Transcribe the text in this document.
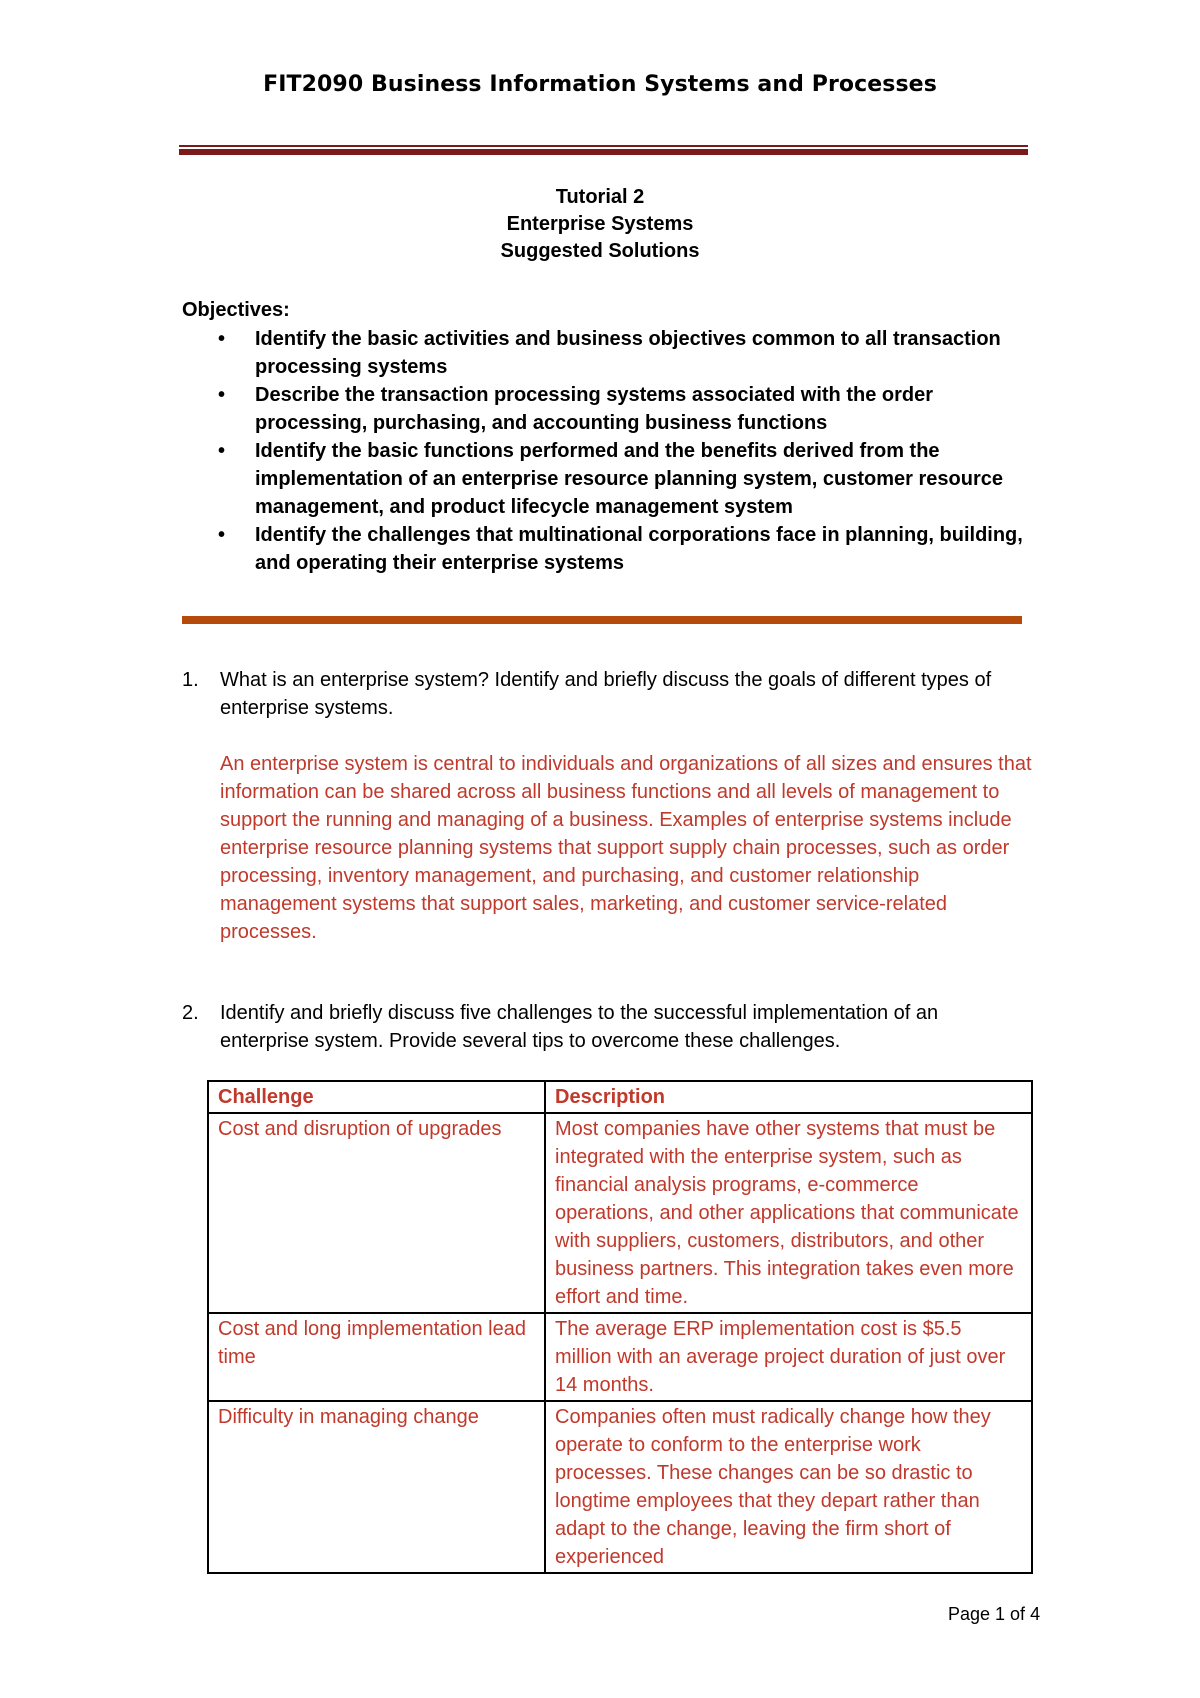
FIT2090 Business Information Systems and Processes
Tutorial 2
Enterprise Systems
Suggested Solutions
Objectives:
• Identify the basic activities and business objectives common to all transaction processing systems
• Describe the transaction processing systems associated with the order processing, purchasing, and accounting business functions
• Identify the basic functions performed and the benefits derived from the implementation of an enterprise resource planning system, customer resource management, and product lifecycle management system
• Identify the challenges that multinational corporations face in planning, building, and operating their enterprise systems
1. What is an enterprise system? Identify and briefly discuss the goals of different types of enterprise systems.
An enterprise system is central to individuals and organizations of all sizes and ensures that information can be shared across all business functions and all levels of management to support the running and managing of a business. Examples of enterprise systems include enterprise resource planning systems that support supply chain processes, such as order processing, inventory management, and purchasing, and customer relationship management systems that support sales, marketing, and customer service-related processes.
2. Identify and briefly discuss five challenges to the successful implementation of an enterprise system. Provide several tips to overcome these challenges.
Challenge	Description
Cost and disruption of upgrades	Most companies have other systems that must be integrated with the enterprise system, such as financial analysis programs, e-commerce operations, and other applications that communicate with suppliers, customers, distributors, and other business partners. This integration takes even more effort and time.
Cost and long implementation lead time	The average ERP implementation cost is $5.5 million with an average project duration of just over 14 months.
Difficulty in managing change	Companies often must radically change how they operate to conform to the enterprise work processes. These changes can be so drastic to longtime employees that they depart rather than adapt to the change, leaving the firm short of experienced
Page 1 of 4
